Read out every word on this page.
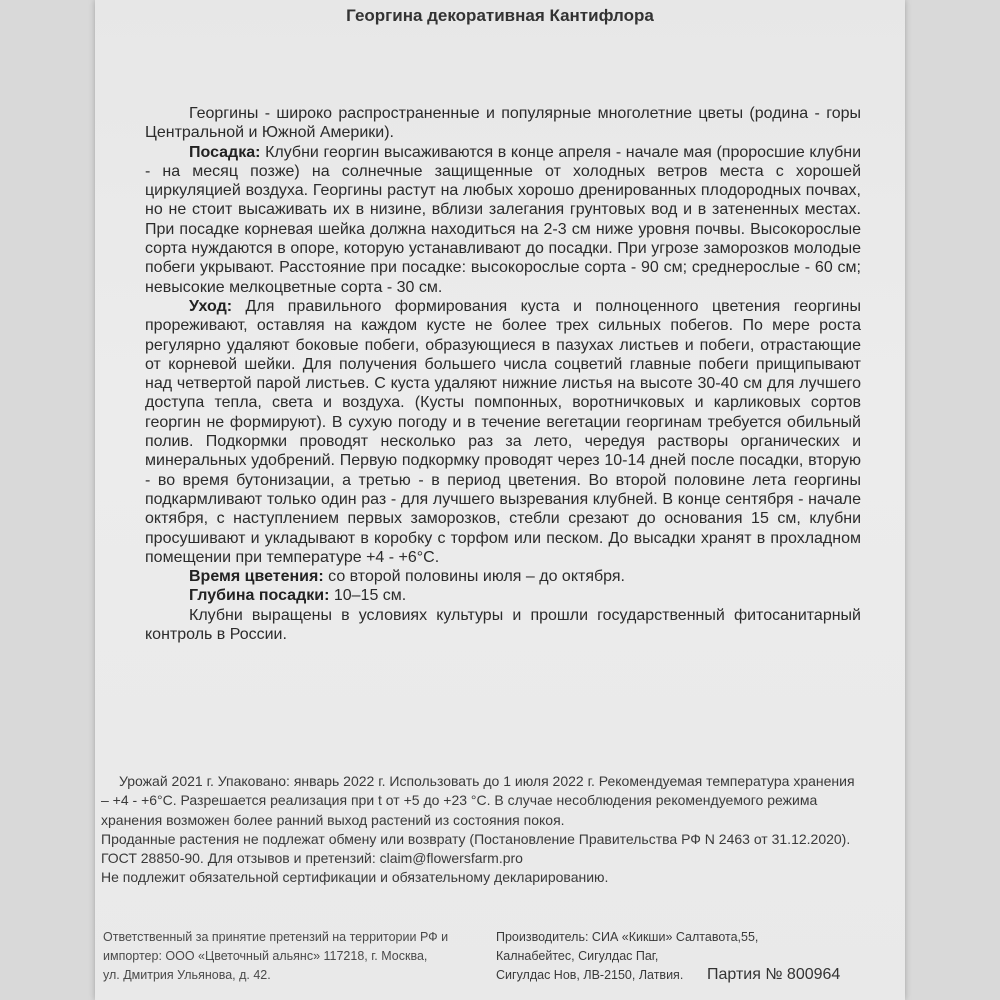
Георгина декоративная Кантифлора

Георгины - широко распространенные и популярные многолетние цветы (родина - горы Центральной и Южной Америки).

Посадка: Клубни георгин высаживаются в конце апреля - начале мая (проросшие клубни - на месяц позже) на солнечные защищенные от холодных ветров места с хорошей циркуляцией воздуха. Георгины растут на любых хорошо дренированных плодородных почвах, но не стоит высаживать их в низине, вблизи залегания грунтовых вод и в затененных местах. При посадке корневая шейка должна находиться на 2-3 см ниже уровня почвы. Высокорослые сорта нуждаются в опоре, которую устанавливают до посадки. При угрозе заморозков молодые побеги укрывают. Расстояние при посадке: высокорослые сорта - 90 см; среднерослые - 60 см; невысокие мелкоцветные сорта - 30 см.

Уход: Для правильного формирования куста и полноценного цветения георгины прореживают, оставляя на каждом кусте не более трех сильных побегов. По мере роста регулярно удаляют боковые побеги, образующиеся в пазухах листьев и побеги, отрастающие от корневой шейки. Для получения большего числа соцветий главные побеги прищипывают над четвертой парой листьев. С куста удаляют нижние листья на высоте 30-40 см для лучшего доступа тепла, света и воздуха. (Кусты помпонных, воротничковых и карликовых сортов георгин не формируют). В сухую погоду и в течение вегетации георгинам требуется обильный полив. Подкормки проводят несколько раз за лето, чередуя растворы органических и минеральных удобрений. Первую подкормку проводят через 10-14 дней после посадки, вторую - во время бутонизации, а третью - в период цветения. Во второй половине лета георгины подкармливают только один раз - для лучшего вызревания клубней. В конце сентября - начале октября, с наступлением первых заморозков, стебли срезают до основания 15 см, клубни просушивают и укладывают в коробку с торфом или песком. До высадки хранят в прохладном помещении при температуре +4 - +6°С.

Время цветения: со второй половины июля – до октября.

Глубина посадки: 10–15 см.

Клубни выращены в условиях культуры и прошли государственный фитосанитарный контроль в России.

Урожай 2021 г. Упаковано: январь 2022 г. Использовать до 1 июля 2022 г. Рекомендуемая температура хранения – +4 - +6°С. Разрешается реализация при t от +5 до +23 °С. В случае несоблюдения рекомендуемого режима хранения возможен более ранний выход растений из состояния покоя.

Проданные растения не подлежат обмену или возврату (Постановление Правительства РФ N 2463 от 31.12.2020). ГОСТ 28850-90. Для отзывов и претензий: claim@flowersfarm.pro

Не подлежит обязательной сертификации и обязательному декларированию.

Ответственный за принятие претензий на территории РФ и

импортер: ООО «Цветочный альянс» 117218, г. Москва,

ул. Дмитрия Ульянова, д. 42.

Производитель: СИА «Кикши» Салтавота,55,

Калнабейтес, Сигулдас Паг,

Сигулдас Нов, ЛВ-2150, Латвия.	Партия № 800964
